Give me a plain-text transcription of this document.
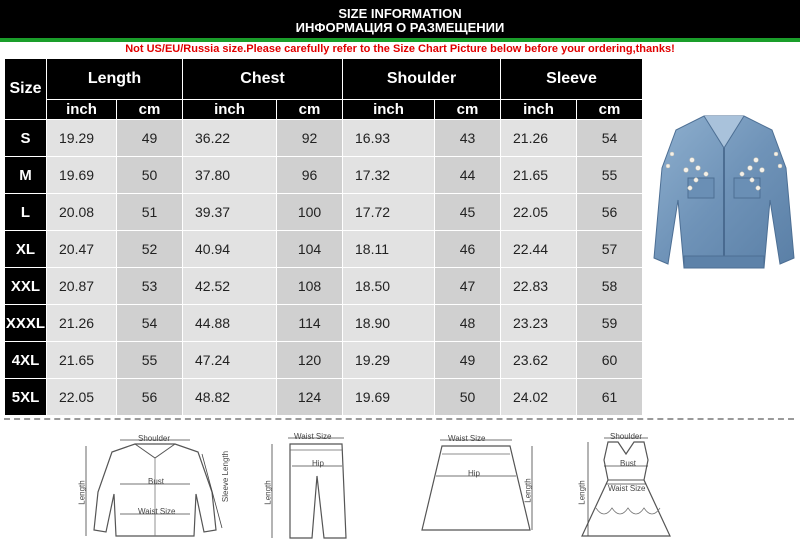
SIZE INFORMATION
ИНФОРМАЦИЯ О РАЗМЕЩЕНИИ
Not US/EU/Russia size.Please carefully refer to the Size Chart Picture below before your ordering,thanks!
Size	Length		Chest		Shoulder		Sleeve	
	inch	cm	inch	cm	inch	cm	inch	cm
S	19.29	49	36.22	92	16.93	43	21.26	54
M	19.69	50	37.80	96	17.32	44	21.65	55
L	20.08	51	39.37	100	17.72	45	22.05	56
XL	20.47	52	40.94	104	18.11	46	22.44	57
XXL	20.87	53	42.52	108	18.50	47	22.83	58
XXXL	21.26	54	44.88	114	18.90	48	23.23	59
4XL	21.65	55	47.24	120	19.29	49	23.62	60
5XL	22.05	56	48.82	124	19.69	50	24.02	61
Shoulder
Bust
Waist Size
Length	Sleeve Length
Waist Size
Hip
Length
Waist Size
Hip
Length
Shoulder
Bust
Waist Size
Length
